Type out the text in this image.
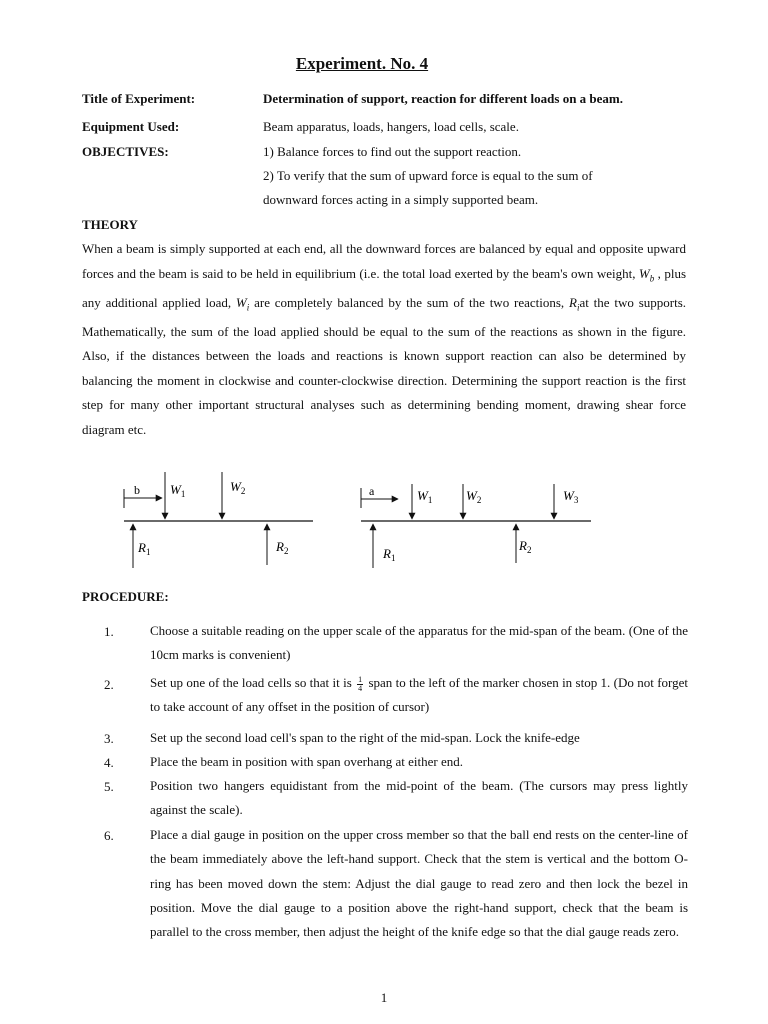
Experiment. No. 4
Title of Experiment:	Determination of support, reaction for different loads on a beam.
Equipment Used:	Beam apparatus, loads, hangers, load cells, scale.
OBJECTIVES:	1) Balance forces to find out the support reaction.
2) To verify that the sum of upward force is equal to the sum of
downward forces acting in a simply supported beam.
THEORY

When a beam is simply supported at each end, all the downward forces are balanced by equal and opposite upward forces and the beam is said to be held in equilibrium (i.e. the total load exerted by the beam's own weight, $W_b$ , plus any additional applied load, $W_i$ are completely balanced by the sum of the two reactions, $R_iat$ the two supports. Mathematically, the sum of the load applied should be equal to the sum of the reactions as shown in the figure. Also, if the distances between the loads and reactions is known support reaction can also be determined by balancing the moment in clockwise and counter-clockwise direction. Determining the support reaction is the first step for many other important structural analyses such as determining bending moment, drawing shear force diagram etc.

b $W_1$	$W_2$
$R_1$	$R_2$
a	$W_1$	$W_2$	$W_3$
$R_1$
$R_2$
PROCEDURE:
1.	Choose a suitable reading on the upper scale of the apparatus for the mid-span of the beam. (One of the 10cm marks is convenient)
2.	Set up one of the load cells so that it is $\frac{1}{4}$ span to the left of the marker chosen in stop 1. (Do not forget to take account of any offset in the position of cursor)
3.	Set up the second load cell's span to the right of the mid-span. Lock the knife-edge
4.	Place the beam in position with span overhang at either end.
5.	Position two hangers equidistant from the mid-point of the beam. (The cursors may press lightly against the scale).
6.	Place a dial gauge in position on the upper cross member so that the ball end rests on the center-line of the beam immediately above the left-hand support. Check that the stem is vertical and the bottom O-ring has been moved down the stem: Adjust the dial gauge to read zero and then lock the bezel in position. Move the dial gauge to a position above the right-hand support, check that the beam is parallel to the cross member, then adjust the height of the knife edge so that the dial gauge reads zero.
1
